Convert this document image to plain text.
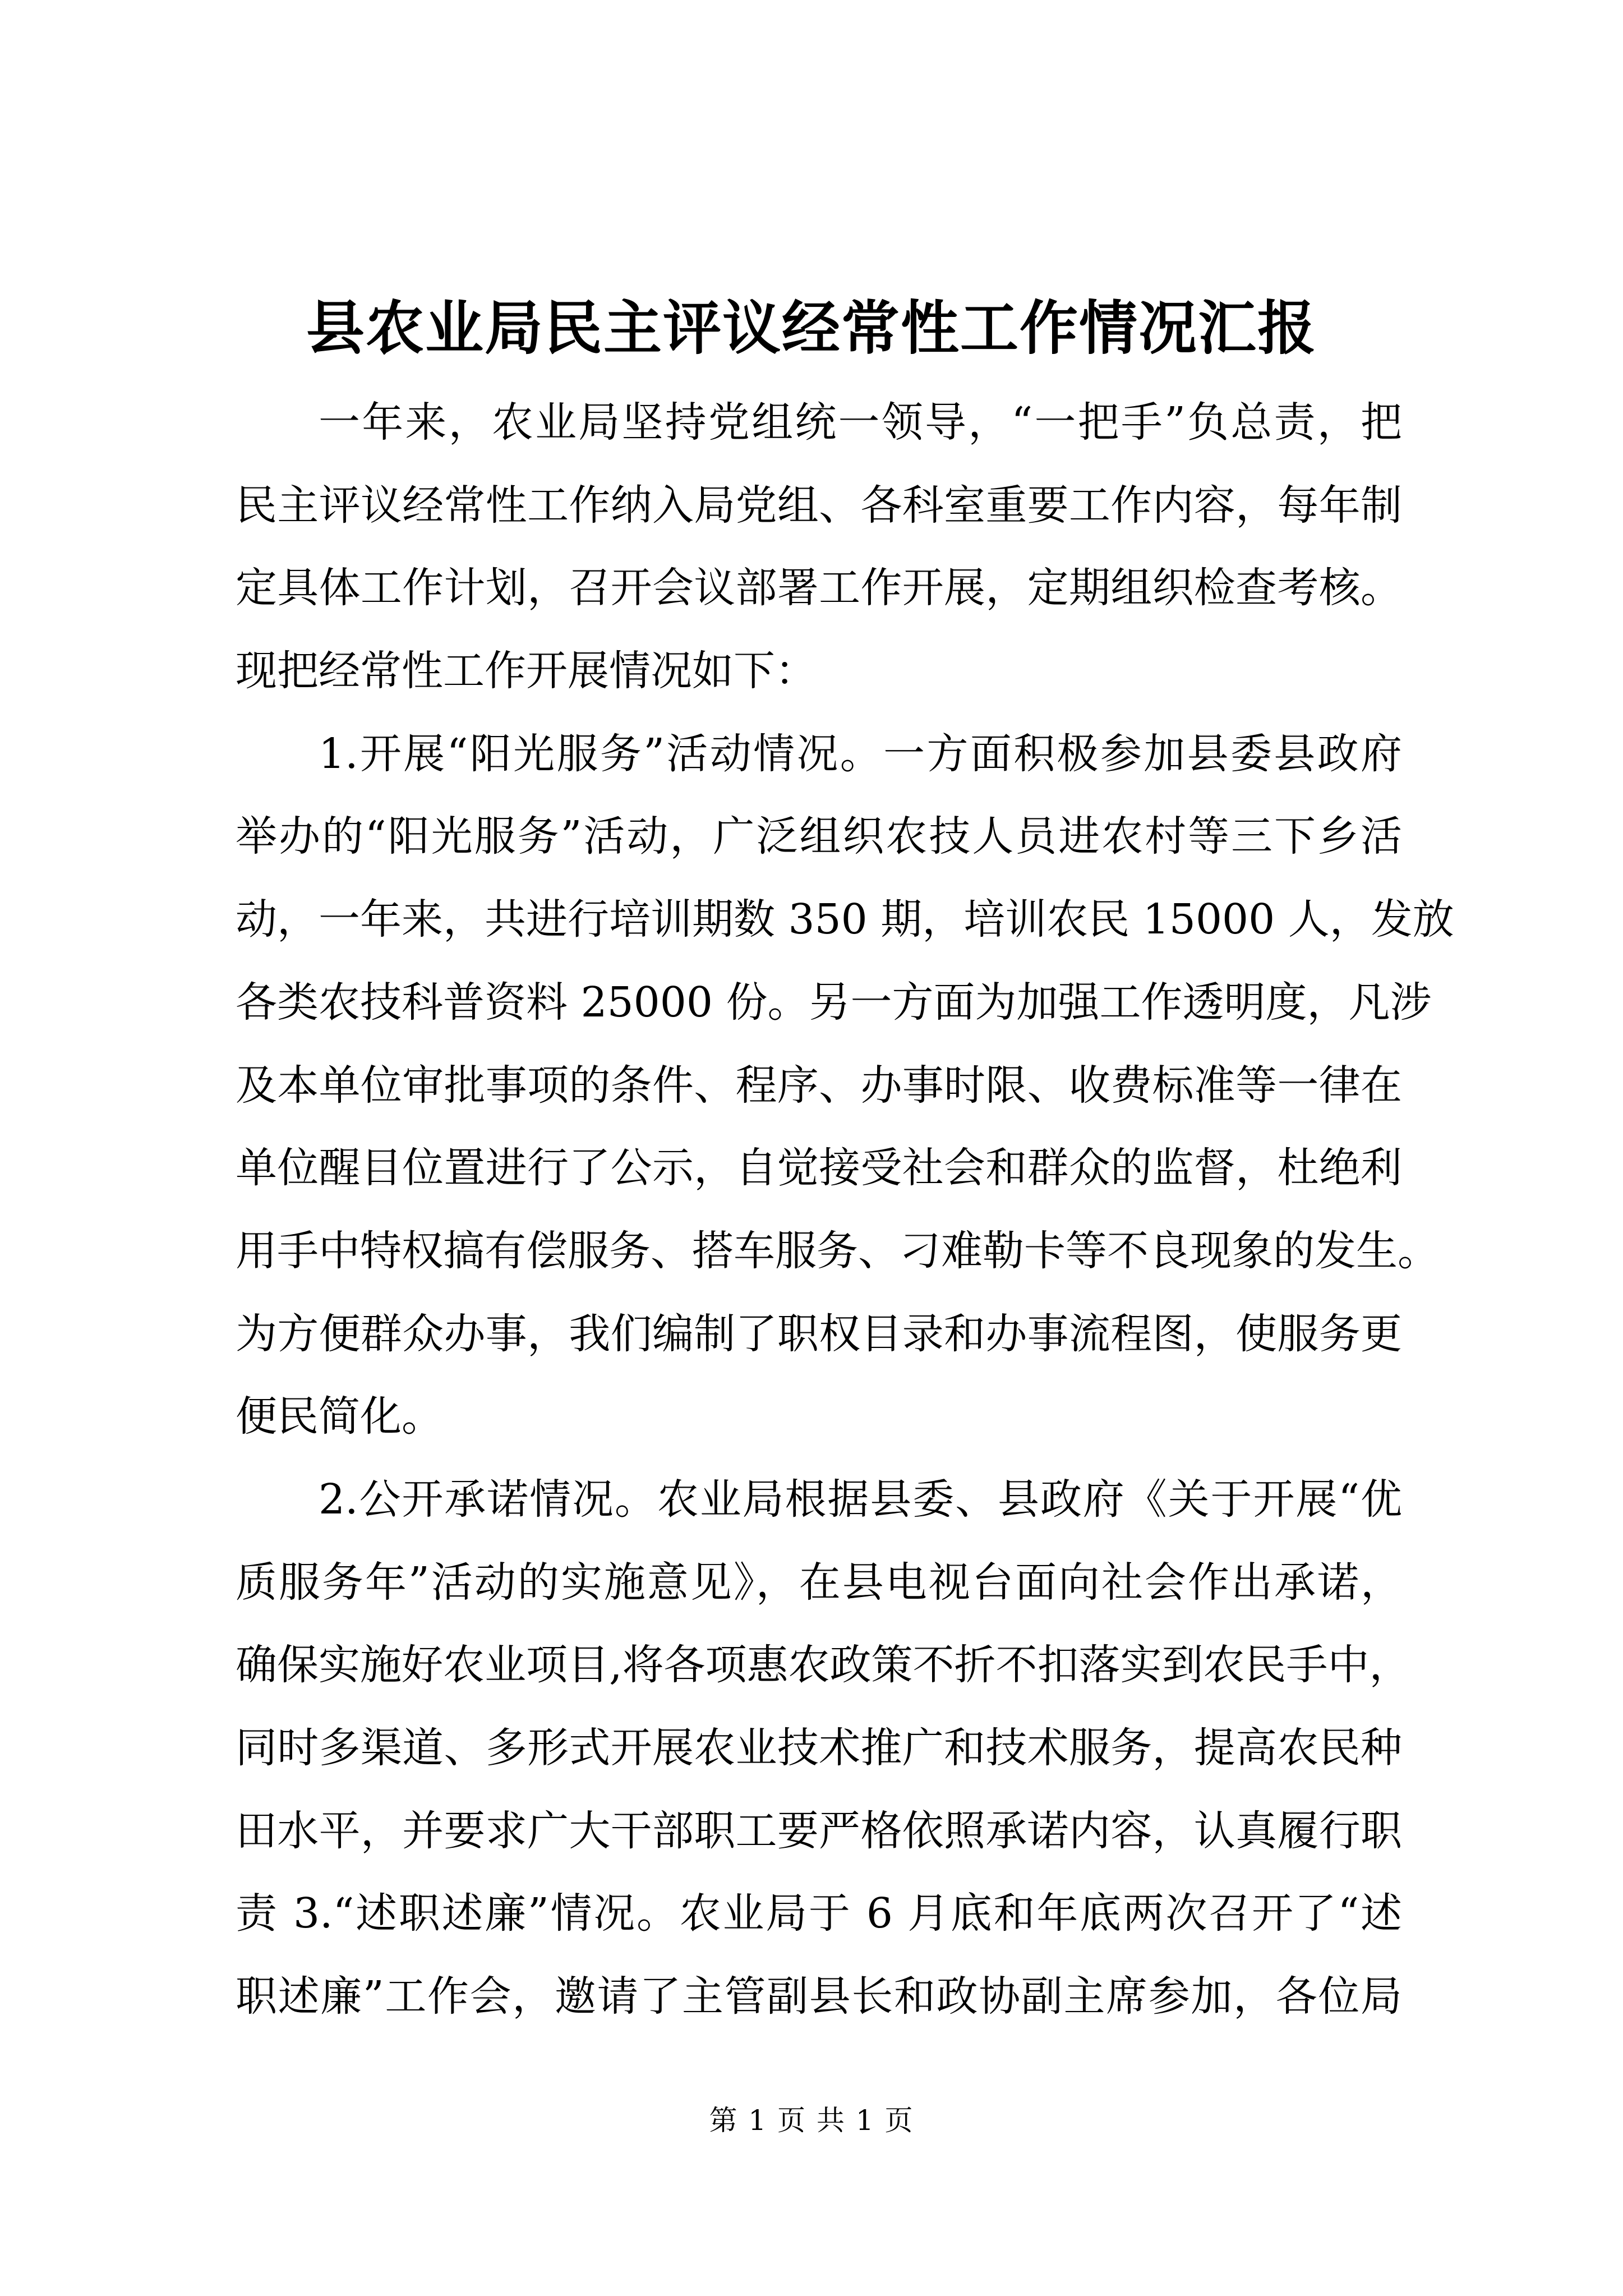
县农业局民主评议经常性工作情况汇报
一年来，农业局坚持党组统一领导，“一把手”负总责，把
民主评议经常性工作纳入局党组、各科室重要工作内容，每年制
定具体工作计划，召开会议部署工作开展，定期组织检查考核。
现把经常性工作开展情况如下：
1.开展“阳光服务”活动情况。一方面积极参加县委县政府
举办的“阳光服务”活动，广泛组织农技人员进农村等三下乡活
动，一年来，共进行培训期数 350 期，培训农民 15000 人，发放
各类农技科普资料 25000 份。另一方面为加强工作透明度，凡涉
及本单位审批事项的条件、程序、办事时限、收费标准等一律在
单位醒目位置进行了公示，自觉接受社会和群众的监督，杜绝利
用手中特权搞有偿服务、搭车服务、刁难勒卡等不良现象的发生。
为方便群众办事，我们编制了职权目录和办事流程图，使服务更
便民简化。
2.公开承诺情况。农业局根据县委、县政府《关于开展“优
质服务年”活动的实施意见》，在县电视台面向社会作出承诺，
确保实施好农业项目,将各项惠农政策不折不扣落实到农民手中，
同时多渠道、多形式开展农业技术推广和技术服务，提高农民种
田水平，并要求广大干部职工要严格依照承诺内容，认真履行职
责 3.“述职述廉”情况。农业局于 6 月底和年底两次召开了“述
职述廉”工作会，邀请了主管副县长和政协副主席参加，各位局
第 1 页 共 1 页
